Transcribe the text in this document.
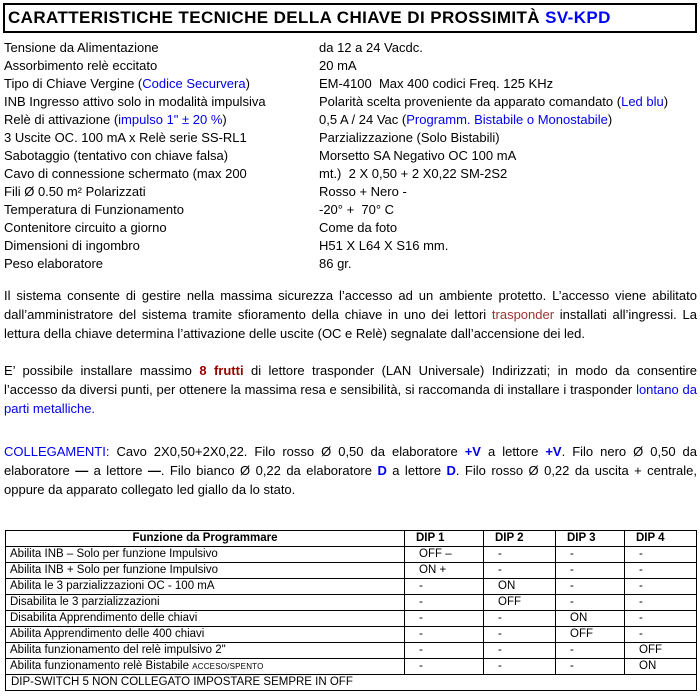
CARATTERISTICHE TECNICHE DELLA CHIAVE DI PROSSIMITÀ SV-KPD
Tensione da Alimentazione	da 12 a 24 Vacdc.
Assorbimento relè eccitato	20 mA
Tipo di Chiave Vergine (Codice Securvera)	EM-4100  Max 400 codici Freq. 125 KHz
INB Ingresso attivo solo in modalità impulsiva	Polarità scelta proveniente da apparato comandato (Led blu)
Relè di attivazione (impulso 1" ± 20 %)	0,5 A / 24 Vac (Programm. Bistabile o Monostabile)
3 Uscite OC. 100 mA x Relè serie SS-RL1	Parzializzazione (Solo Bistabili)
Sabotaggio (tentativo con chiave falsa)	Morsetto SA Negativo OC 100 mA
Cavo di connessione schermato (max 200	mt.)  2 X 0,50 + 2 X0,22 SM-2S2
Fili Ø 0.50 m² Polarizzati	Rosso + Nero -
Temperatura di Funzionamento	-20° +  70° C
Contenitore circuito a giorno	Come da foto
Dimensioni di ingombro	H51 X L64 X S16 mm.
Peso elaboratore	86 gr.

Il sistema consente di gestire nella massima sicurezza l’accesso ad un ambiente protetto. L’accesso viene abilitato dall’amministratore del sistema tramite sfioramento della chiave in uno dei lettori trasponder installati all’ingressi. La lettura della chiave determina l’attivazione delle uscite (OC e Relè) segnalate dall’accensione dei led.

E’ possibile installare massimo 8 frutti di lettore trasponder (LAN Universale) Indirizzati; in modo da consentire l’accesso da diversi punti, per ottenere la massima resa e sensibilità, si raccomanda di installare i trasponder lontano da parti metalliche.

COLLEGAMENTI: Cavo 2X0,50+2X0,22. Filo rosso Ø 0,50 da elaboratore +V a lettore +V. Filo nero Ø 0,50 da elaboratore — a lettore —. Filo bianco Ø 0,22 da elaboratore D a lettore D. Filo rosso Ø 0,22 da uscita + centrale, oppure da apparato collegato led giallo da lo stato.

Funzione da Programmare	DIP 1	DIP 2	DIP 3	DIP 4
Abilita INB – Solo per funzione Impulsivo	OFF –	-	-	-
Abilita INB + Solo per funzione Impulsivo	ON +	-	-	-
Abilita le 3 parzializzazioni OC - 100 mA	-	ON	-	-
Disabilita le 3 parzializzazioni	-	OFF	-	-
Disabilita Apprendimento delle chiavi	-	-	ON	-
Abilita Apprendimento delle 400 chiavi	-	-	OFF	-
Abilita funzionamento del relè impulsivo 2"	-	-	-	OFF
Abilita funzionamento relè Bistabile ACCESO/SPENTO	-	-	-	ON
DIP-SWITCH 5 NON COLLEGATO IMPOSTARE SEMPRE IN OFF				
